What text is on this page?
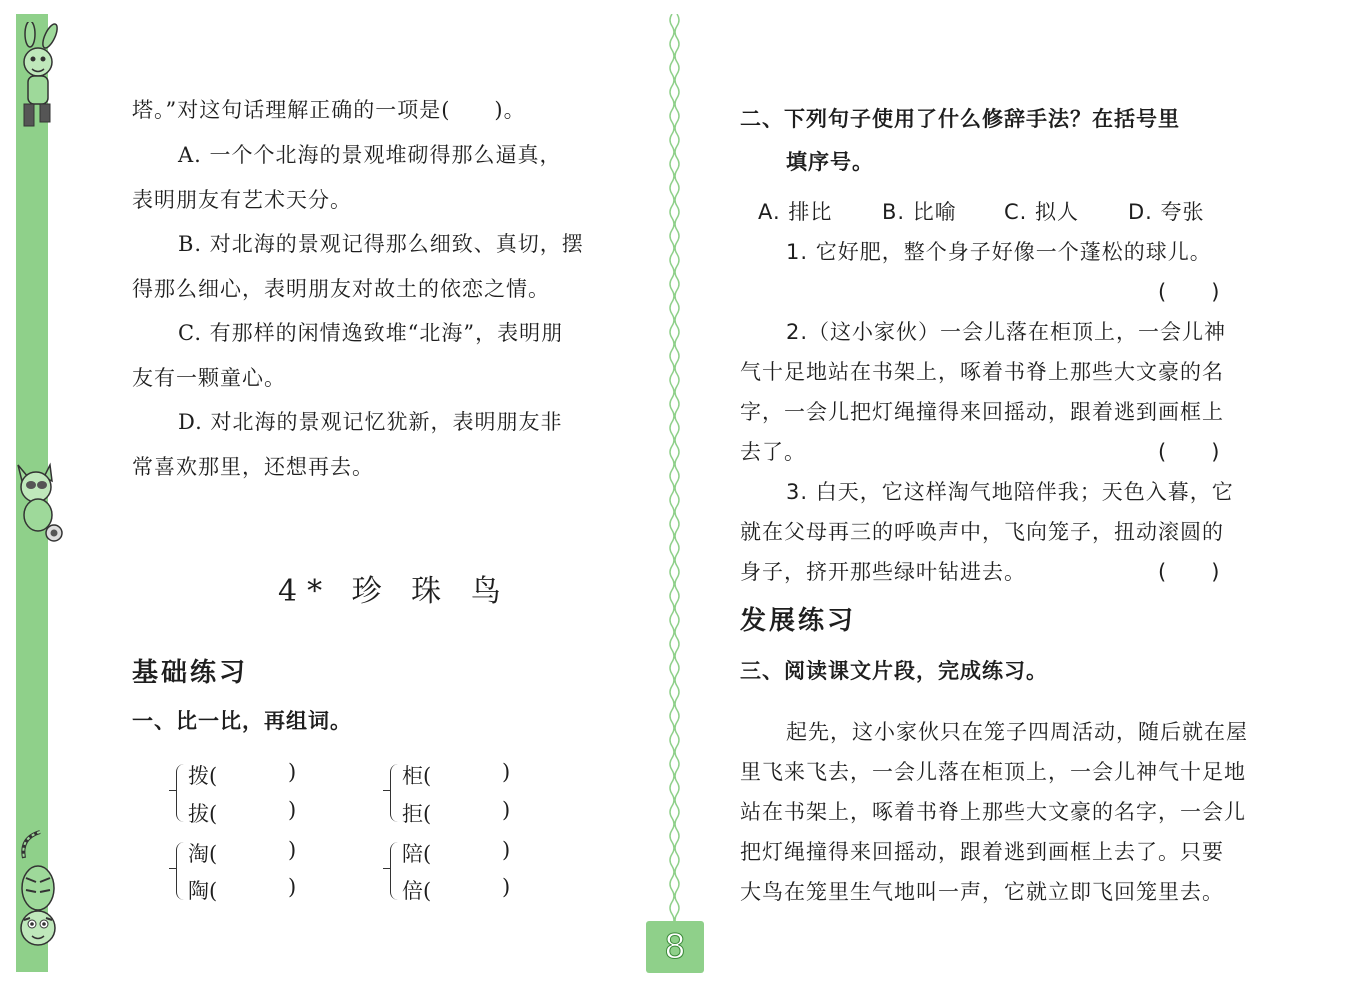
塔。”对这句话理解正确的一项是(　　)。
A. 一个个北海的景观堆砌得那么逼真，
表明朋友有艺术天分。
B. 对北海的景观记得那么细致、真切，摆
得那么细心，表明朋友对故土的依恋之情。
C. 有那样的闲情逸致堆“北海”，表明朋
友有一颗童心。
D. 对北海的景观记忆犹新，表明朋友非
常喜欢那里，还想再去。
4* 珍 珠 鸟
基础练习
一、比一比，再组词。
拨(
拔(
)
)
柜(
拒(
)
)
淘(
陶(
)
)
陪(
倍(
)
)
二、下列句子使用了什么修辞手法？在括号里
填序号。
A. 排比 B. 比喻 C. 拟人 D. 夸张
1. 它好肥，整个身子好像一个蓬松的球儿。
(　　)
2.（这小家伙）一会儿落在柜顶上，一会儿神
气十足地站在书架上，啄着书脊上那些大文豪的名
字，一会儿把灯绳撞得来回摇动，跟着逃到画框上
去了。	(　　)
3. 白天，它这样淘气地陪伴我；天色入暮，它
就在父母再三的呼唤声中，飞向笼子，扭动滚圆的
身子，挤开那些绿叶钻进去。	(　　)
发展练习
三、阅读课文片段，完成练习。
起先，这小家伙只在笼子四周活动，随后就在屋
里飞来飞去，一会儿落在柜顶上，一会儿神气十足地
站在书架上，啄着书脊上那些大文豪的名字，一会儿
把灯绳撞得来回摇动，跟着逃到画框上去了。只要
大鸟在笼里生气地叫一声，它就立即飞回笼里去。
8
